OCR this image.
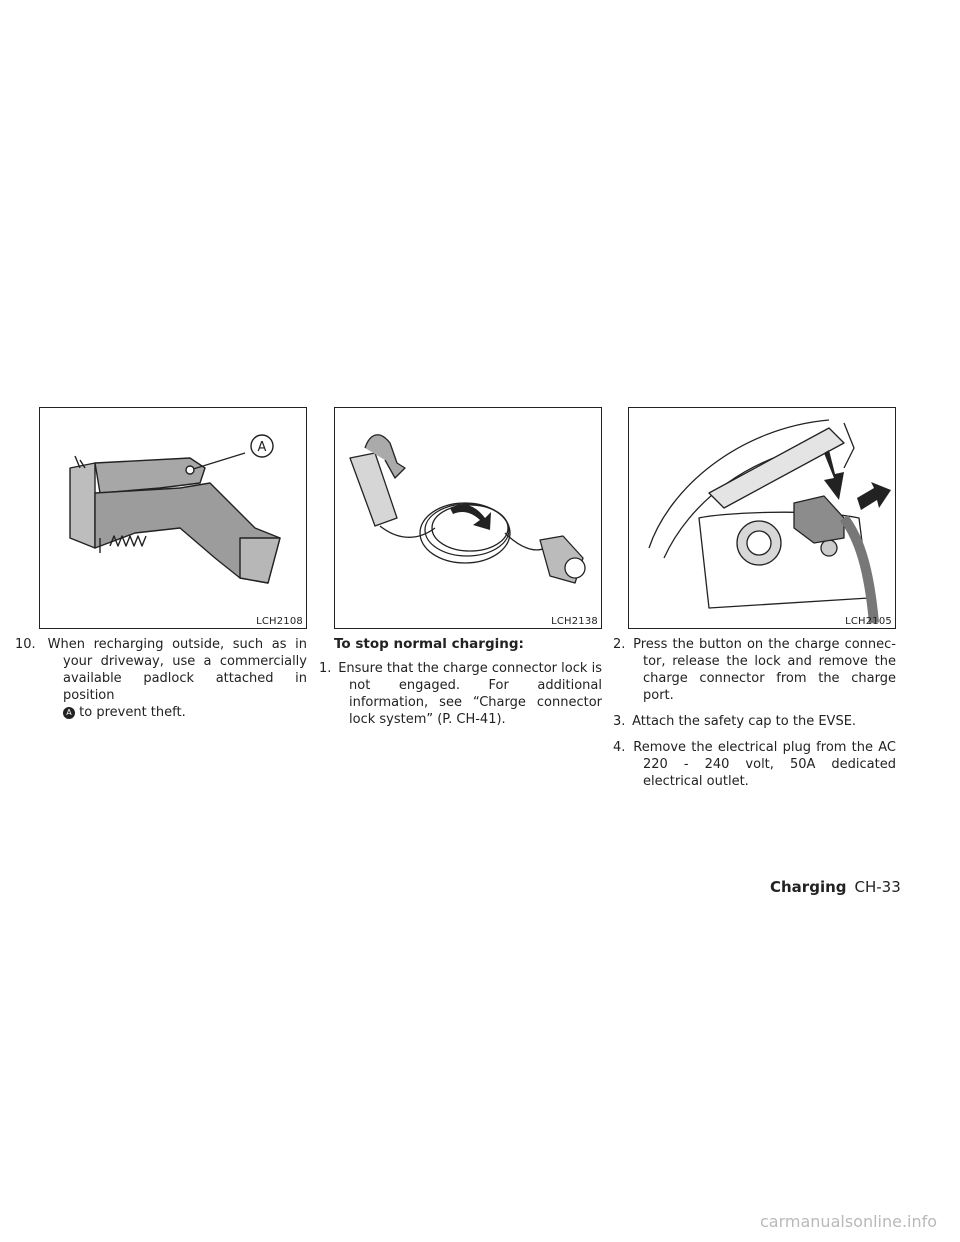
A
LCH2108	LCH2138	LCH2105

10. When recharging outside, such as in your driveway, use a commercially available padlock attached in position
A to prevent theft.

To stop normal charging:

1. Ensure that the charge connector lock is not engaged. For additional information, see “Charge connector lock system” (P. CH-41).

2. Press the button on the charge connec‐tor, release the lock and remove the charge connector from the charge port.

3. Attach the safety cap to the EVSE.

4. Remove the electrical plug from the AC 220 - 240 volt, 50A dedicated electrical outlet.

Charging CH-33
carmanualsonline.info
